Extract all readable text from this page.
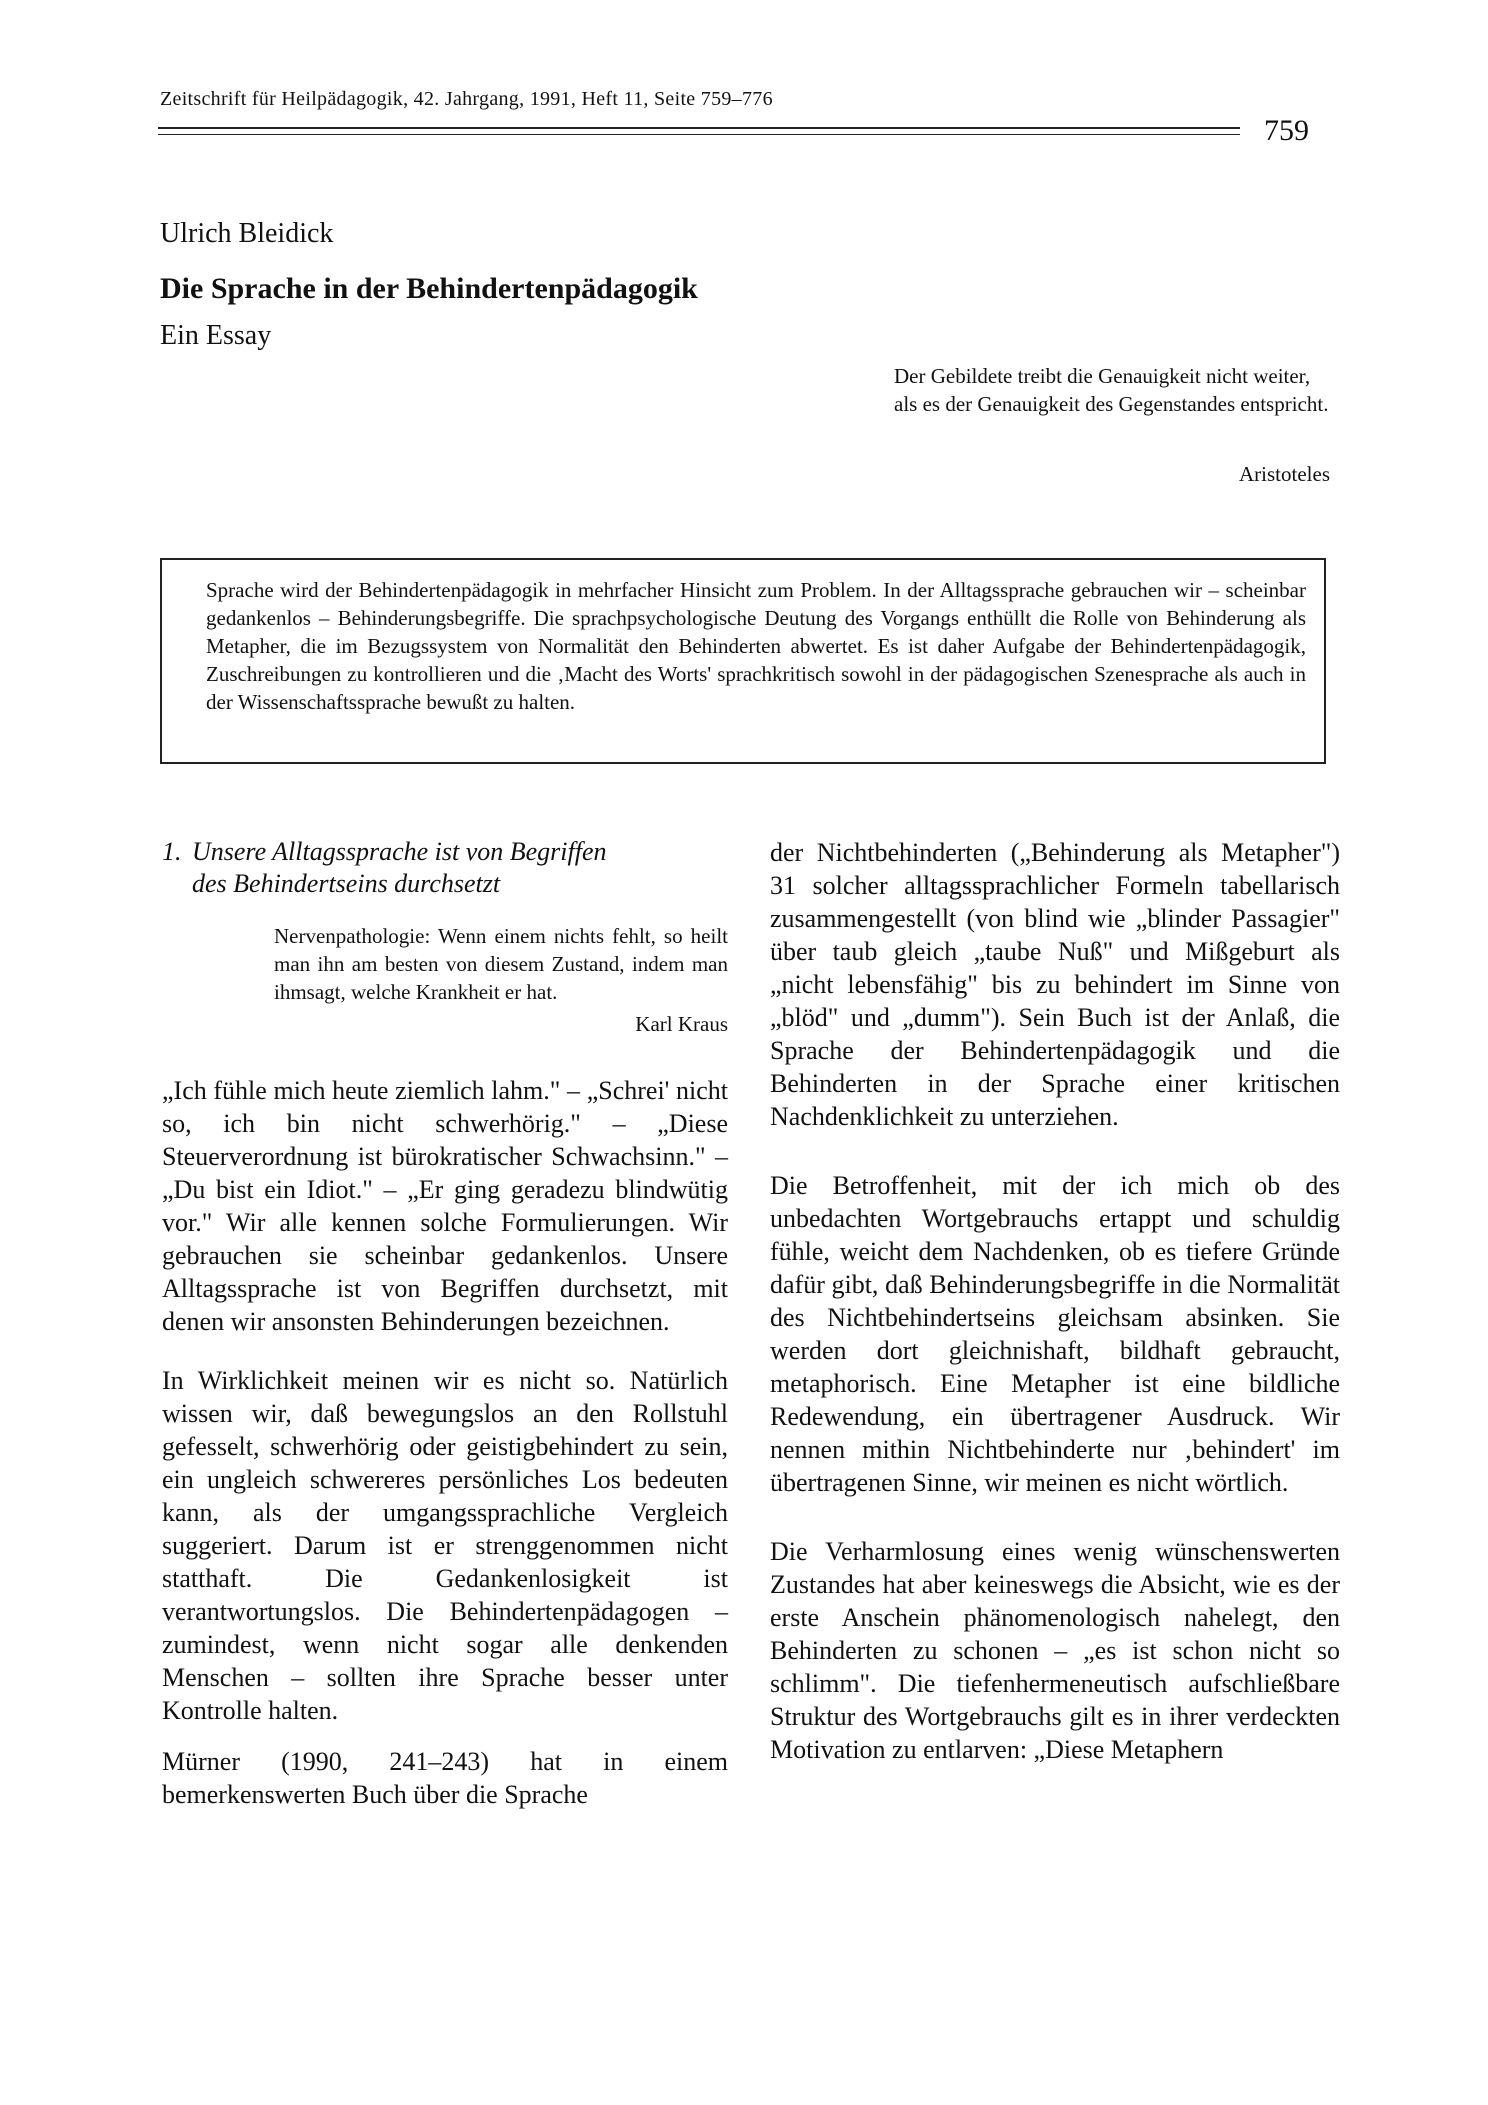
Zeitschrift für Heilpädagogik, 42. Jahrgang, 1991, Heft 11, Seite 759–776
759
Ulrich Bleidick
Die Sprache in der Behindertenpädagogik
Ein Essay
Der Gebildete treibt die Genauigkeit nicht weiter, als es der Genauigkeit des Gegenstandes entspricht.
Aristoteles
Sprache wird der Behindertenpädagogik in mehrfacher Hinsicht zum Problem. In der Alltagssprache gebrauchen wir – scheinbar gedankenlos – Behinderungsbegriffe. Die sprachpsychologische Deutung des Vorgangs enthüllt die Rolle von Behinderung als Metapher, die im Bezugssystem von Normalität den Behinderten abwertet. Es ist daher Aufgabe der Behindertenpädagogik, Zuschreibungen zu kontrollieren und die ‚Macht des Worts' sprachkritisch sowohl in der pädagogischen Szenesprache als auch in der Wissenschaftssprache bewußt zu halten.

1. Unsere Alltagssprache ist von Begriffen
des Behindertseins durchsetzt

Nervenpathologie: Wenn einem nichts fehlt, so heilt man ihn am besten von diesem Zustand, indem man ihmsagt, welche Krankheit er hat.
Karl Kraus

„Ich fühle mich heute ziemlich lahm." – „Schrei' nicht so, ich bin nicht schwerhörig." – „Diese Steuerverordnung ist bürokratischer Schwachsinn." – „Du bist ein Idiot." – „Er ging geradezu blindwütig vor." Wir alle kennen solche Formulierungen. Wir gebrauchen sie scheinbar gedankenlos. Unsere Alltagssprache ist von Begriffen durchsetzt, mit denen wir ansonsten Behinderungen bezeichnen.

In Wirklichkeit meinen wir es nicht so. Natürlich wissen wir, daß bewegungslos an den Rollstuhl gefesselt, schwerhörig oder geistigbehindert zu sein, ein ungleich schwereres persönliches Los bedeuten kann, als der umgangssprachliche Vergleich suggeriert. Darum ist er strenggenommen nicht statthaft. Die Gedankenlosigkeit ist verantwortungslos. Die Behindertenpädagogen – zumindest, wenn nicht sogar alle denkenden Menschen – sollten ihre Sprache besser unter Kontrolle halten.

Mürner (1990, 241–243) hat in einem bemerkenswerten Buch über die Sprache

der Nichtbehinderten („Behinderung als Metapher") 31 solcher alltagssprachlicher Formeln tabellarisch zusammengestellt (von blind wie „blinder Passagier" über taub gleich „taube Nuß" und Mißgeburt als „nicht lebensfähig" bis zu behindert im Sinne von „blöd" und „dumm"). Sein Buch ist der Anlaß, die Sprache der Behindertenpädagogik und die Behinderten in der Sprache einer kritischen Nachdenklichkeit zu unterziehen.

Die Betroffenheit, mit der ich mich ob des unbedachten Wortgebrauchs ertappt und schuldig fühle, weicht dem Nachdenken, ob es tiefere Gründe dafür gibt, daß Behinderungsbegriffe in die Normalität des Nichtbehindertseins gleichsam absinken. Sie werden dort gleichnishaft, bildhaft gebraucht, metaphorisch. Eine Metapher ist eine bildliche Redewendung, ein übertragener Ausdruck. Wir nennen mithin Nichtbehinderte nur ‚behindert' im übertragenen Sinne, wir meinen es nicht wörtlich.

Die Verharmlosung eines wenig wünschenswerten Zustandes hat aber keineswegs die Absicht, wie es der erste Anschein phänomenologisch nahelegt, den Behinderten zu schonen – „es ist schon nicht so schlimm". Die tiefenhermeneutisch aufschließbare Struktur des Wortgebrauchs gilt es in ihrer verdeckten Motivation zu entlarven: „Diese Metaphern
